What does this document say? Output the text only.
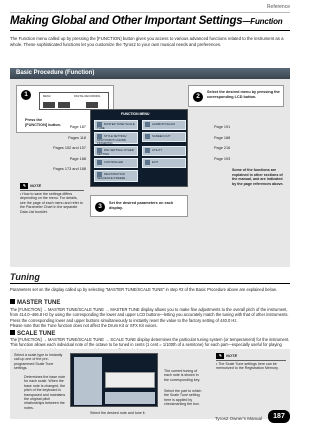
Reference
Making Global and Other Important Settings—Function
The Function menu called up by pressing the [FUNCTION] button gives you access to various advanced functions related to the instrument as a whole. These sophisticated functions let you customize the Tyros2 to your own musical needs and preferences.
Basic Procedure (Function)
1	MENU	DIGITAL RECORDING
Press the [FUNCTION] button.
2
Select the desired menu by pressing the corresponding LCD button.
Page 187
Pages 118
Pages 152 and 157
Page 188
Pages 173 and 188
FUNCTION MENU
MASTER TUNE/ SCALE TUNE
STYLE SETTING/ SPLIT POINT/ CHORD FINGERING
PAD SETTING/ OTHER SETTING
CONTROLLER
REGISTRATION SEQUENCE/ FREEZE
HARMONY/ECHO
SCREEN OUT
UTILITY
EXIT
Page 191
Page 188
Page 216
Page 193
Some of the functions are explained in other sections of the manual, and are indicated by the page references above.
✎ NOTE
• How to save the settings differs depending on the menu. For details, see the page of each menu and refer to the Parameter Chart in the separate Data List booklet.
3	Set the desired parameters on each display.
Tuning
Parameters set on the display called up by selecting "MASTER TUNE/SCALE TUNE" in step #2 of the Basic Procedure above are explained below.
MASTER TUNE
The [FUNCTION] → MASTER TUNE/SCALE TUNE → MASTER TUNE display allows you to make fine adjustments to the overall pitch of the instrument, from 414.0–466.8 Hz by using the corresponding the lower and upper LCD buttons—letting you accurately match the tuning with that of other instruments. Press the corresponding lower and upper buttons simultaneously to instantly reset the value to the factory setting of 440.0 Hz.
Please note that the Tune function does not affect the Drum Kit or SFX Kit voices.
SCALE TUNE
The [FUNCTION] → MASTER TUNE/SCALE TUNE → SCALE TUNE display determines the particular tuning system (or temperament) for the instrument. This function allows each individual note of the octave to be tuned in cents (1 cent = 1/100th of a semitone) for each part—especially useful for playing
Select a scale type to instantly call up one of the pre-programmed Scale Tune settings.
Determines the base note for each scale. When the base note is changed, the pitch of the keyboard is transposed and maintains the original pitch relationships between the notes.
The current tuning of each note is shown in the corresponding key.
Select the part to which the Scale Tune setting here is applied by checkmarking the box.
Select the desired note and tune it.
✎ NOTE
• The Scale Tune settings here can be memorized to the Registration Memory.
Tyros2 Owner's Manual	187
